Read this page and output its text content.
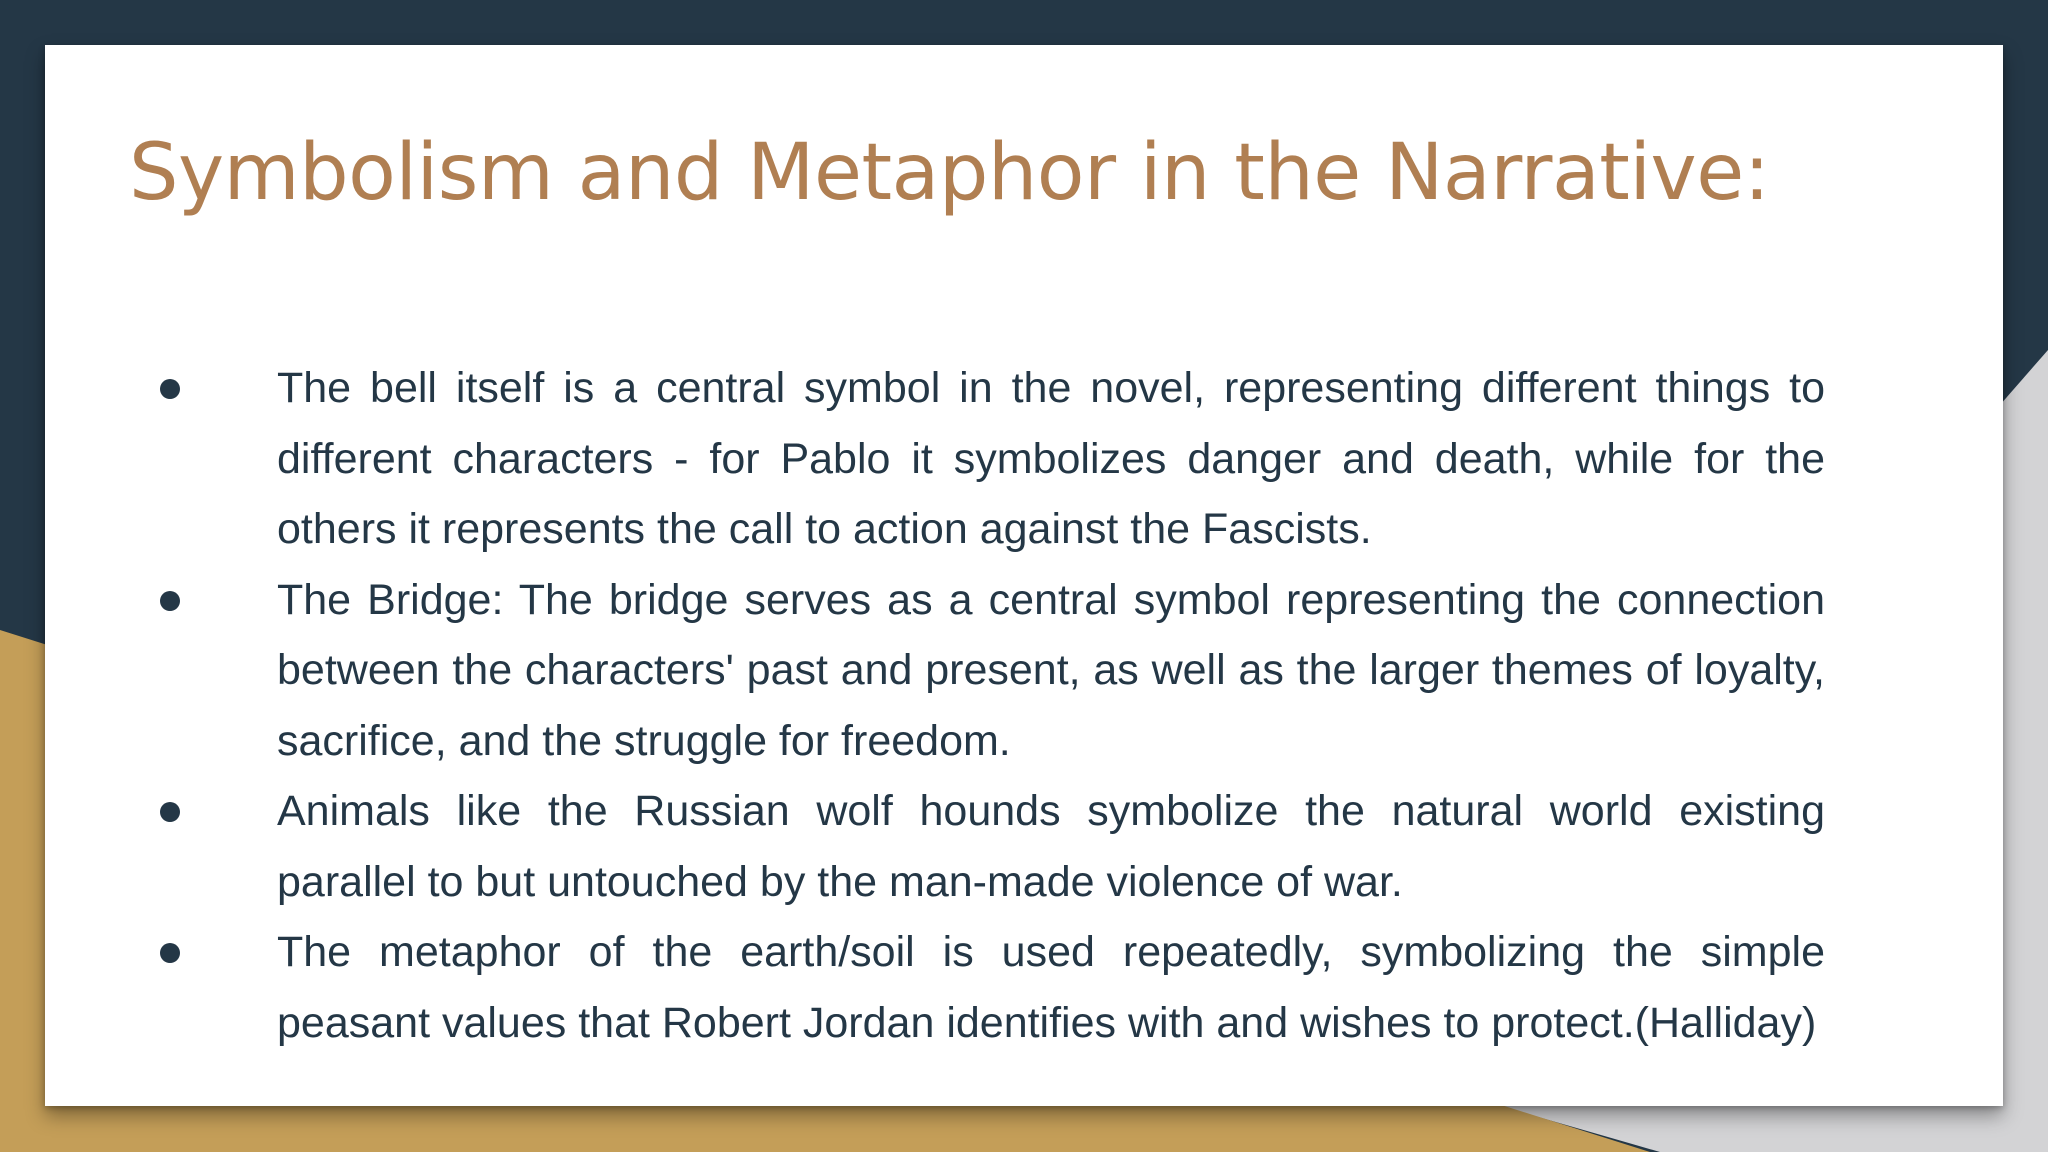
Symbolism and Metaphor in the Narrative:
The bell itself is a central symbol in the novel, representing different things to different characters - for Pablo it symbolizes danger and death, while for the others it represents the call to action against the Fascists.
The Bridge: The bridge serves as a central symbol representing the connection between the characters' past and present, as well as the larger themes of loyalty, sacrifice, and the struggle for freedom.
Animals like the Russian wolf hounds symbolize the natural world existing parallel to but untouched by the man-made violence of war.
The metaphor of the earth/soil is used repeatedly, symbolizing the simple peasant values that Robert Jordan identifies with and wishes to protect.(Halliday)
